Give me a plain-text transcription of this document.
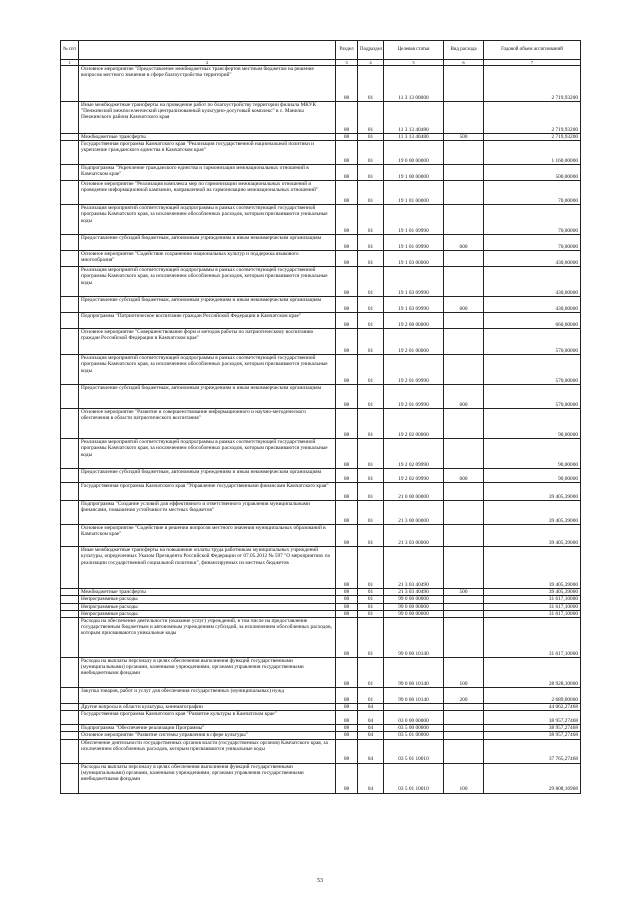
№ п/п		Раздел	Подраздел	Целевая статья	Вид расхода	Годовой объем ассигнований
1	2	3	4	5	6	7
	Основное мероприятие "Предоставление межбюджетных трансфертов местным бюджетам на решение вопросов местного значения в сфере благоустройства территорий"	08	01	11 3 13 00000		2 719,93200
	Иные межбюджетные трансферты на проведение работ по благоустройству территории филиала МКУК "Пенжинский межпоселенческий централизованный культурно-досуговый комплекс" в с. Манилы Пенжинского района Камчатского края	08	01	11 3 13 40480		2 719,93200
	Межбюджетные трансферты	08	01	11 3 13 40480	500	2 719,93200
	Государственная программа Камчатского края "Реализация государственной национальной политики и укрепление гражданского единства в Камчатском крае"	08	01	19 0 00 00000		1 160,00000
	Подпрограмма "Укрепление гражданского единства и гармонизация межнациональных отношений в Камчатском крае"	08	01	19 1 00 00000		500,00000
	Основное мероприятие "Реализация комплекса мер по гармонизации межнациональных отношений и проведение информационной кампании, направленной на гармонизацию межнациональных отношений"	08	01	19 1 01 00000		70,00000
	Реализация мероприятий соответствующей подпрограммы в рамках соответствующей государственной программы Камчатского края, за исключением обособленных расходов, которым присваиваются уникальные коды	08	01	19 1 01 09990		70,00000
	Предоставление субсидий бюджетным, автономным учреждениям и иным некоммерческим организациям	08	01	19 1 01 09990	600	70,00000
	Основное мероприятие "Содействие сохранению национальных культур и поддержка языкового многообразия"	08	01	19 1 03 00000		430,00000
	Реализация мероприятий соответствующей подпрограммы в рамках соответствующей государственной программы Камчатского края, за исключением обособленных расходов, которым присваиваются уникальные коды	08	01	19 1 03 09990		430,00000
	Предоставление субсидий бюджетным, автономным учреждениям и иным некоммерческим организациям	08	01	19 1 03 09990	600	430,00000
	Подпрограмма "Патриотическое воспитание граждан Российской Федерации в Камчатском крае"	08	01	19 2 00 00000		660,00000
	Основное мероприятие "Совершенствование форм и методов работы по патриотическому воспитанию граждан Российской Федерации в Камчатском крае"	08	01	19 2 01 00000		570,00000
	Реализация мероприятий соответствующей подпрограммы в рамках соответствующей государственной программы Камчатского края, за исключением обособленных расходов, которым присваиваются уникальные коды	08	01	19 2 01 09990		570,00000
	Предоставление субсидий бюджетным, автономным учреждениям и иным некоммерческим организациям	08	01	19 2 01 09990	600	570,00000
	Основное мероприятие "Развитие и совершенствование информационного и научно-методического обеспечения в области патриотического воспитания"	08	01	19 2 02 00000		90,00000
	Реализация мероприятий соответствующей подпрограммы в рамках соответствующей государственной программы Камчатского края, за исключением обособленных расходов, которым присваиваются уникальные коды	08	01	19 2 02 09990		90,00000
	Предоставление субсидий бюджетным, автономным учреждениям и иным некоммерческим организациям	08	01	19 2 02 09990	600	90,00000
	Государственная программа Камчатского края "Управление государственными финансами Камчатского края"	08	01	21 0 00 00000		39 405,39000
	Подпрограмма "Создание условий для эффективного и ответственного управления муниципальными финансами, повышения устойчивости местных бюджетов"	08	01	21 3 00 00000		39 405,39000
	Основное мероприятие "Содействие в решении вопросов местного значения муниципальных образований в Камчатском крае"	08	01	21 3 03 00000		39 405,39000
	Иные межбюджетные трансферты на повышение оплаты труда работникам муниципальных учреждений культуры, определенных Указом Президента Российской Федерации от 07.05.2012 № 597 "О мероприятиях по реализации государственной социальной политики", финансируемых из местных бюджетов	08	01	21 3 03 40490		39 405,39000
	Межбюджетные трансферты	08	01	21 3 03 40490	500	39 405,39000
	Непрограммные расходы	08	01	99 0 00 00000		31 617,10000
	Непрограммные расходы	08	01	99 0 00 00000		31 617,10000
	Непрограммные расходы	08	01	99 0 00 00000		31 617,10000
	Расходы на обеспечение деятельности (оказание услуг) учреждений, в том числе на предоставление государственным бюджетным и автономным учреждениям субсидий, за исключением обособленных расходов, которым присваиваются уникальные коды	08	01	99 0 00 10140		31 617,10000
	Расходы на выплаты персоналу в целях обеспечения выполнения функций государственными (муниципальными) органами, казенными учреждениями, органами управления государственными внебюджетными фондами	08	01	99 0 00 10140	100	28 928,10000
	Закупка товаров, работ и услуг для обеспечения государственных (муниципальных) нужд	08	01	99 0 00 10140	200	2 689,00000
	Другие вопросы в области культуры, кинематографии	08	04			44 062,27468
	Государственная программа Камчатского края "Развитие культуры в Камчатском крае"	08	04	03 0 00 00000		38 957,27468
	Подпрограмма "Обеспечение реализации Программы"	08	04	03 5 00 00000		38 957,27468
	Основное мероприятие "Развитие системы управления в сфере культуры"	08	04	03 5 01 00000		38 957,27468
	Обеспечение деятельности государственных органов власти (государственных органов) Камчатского края, за исключением обособленных расходов, которым присваиваются уникальные коды	08	04	03 5 01 10010		37 765,27468
	Расходы на выплаты персоналу в целях обеспечения выполнения функций государственными (муниципальными) органами, казенными учреждениями, органами управления государственными внебюджетными фондами	08	04	03 5 01 10010	100	29 808,16968
53
